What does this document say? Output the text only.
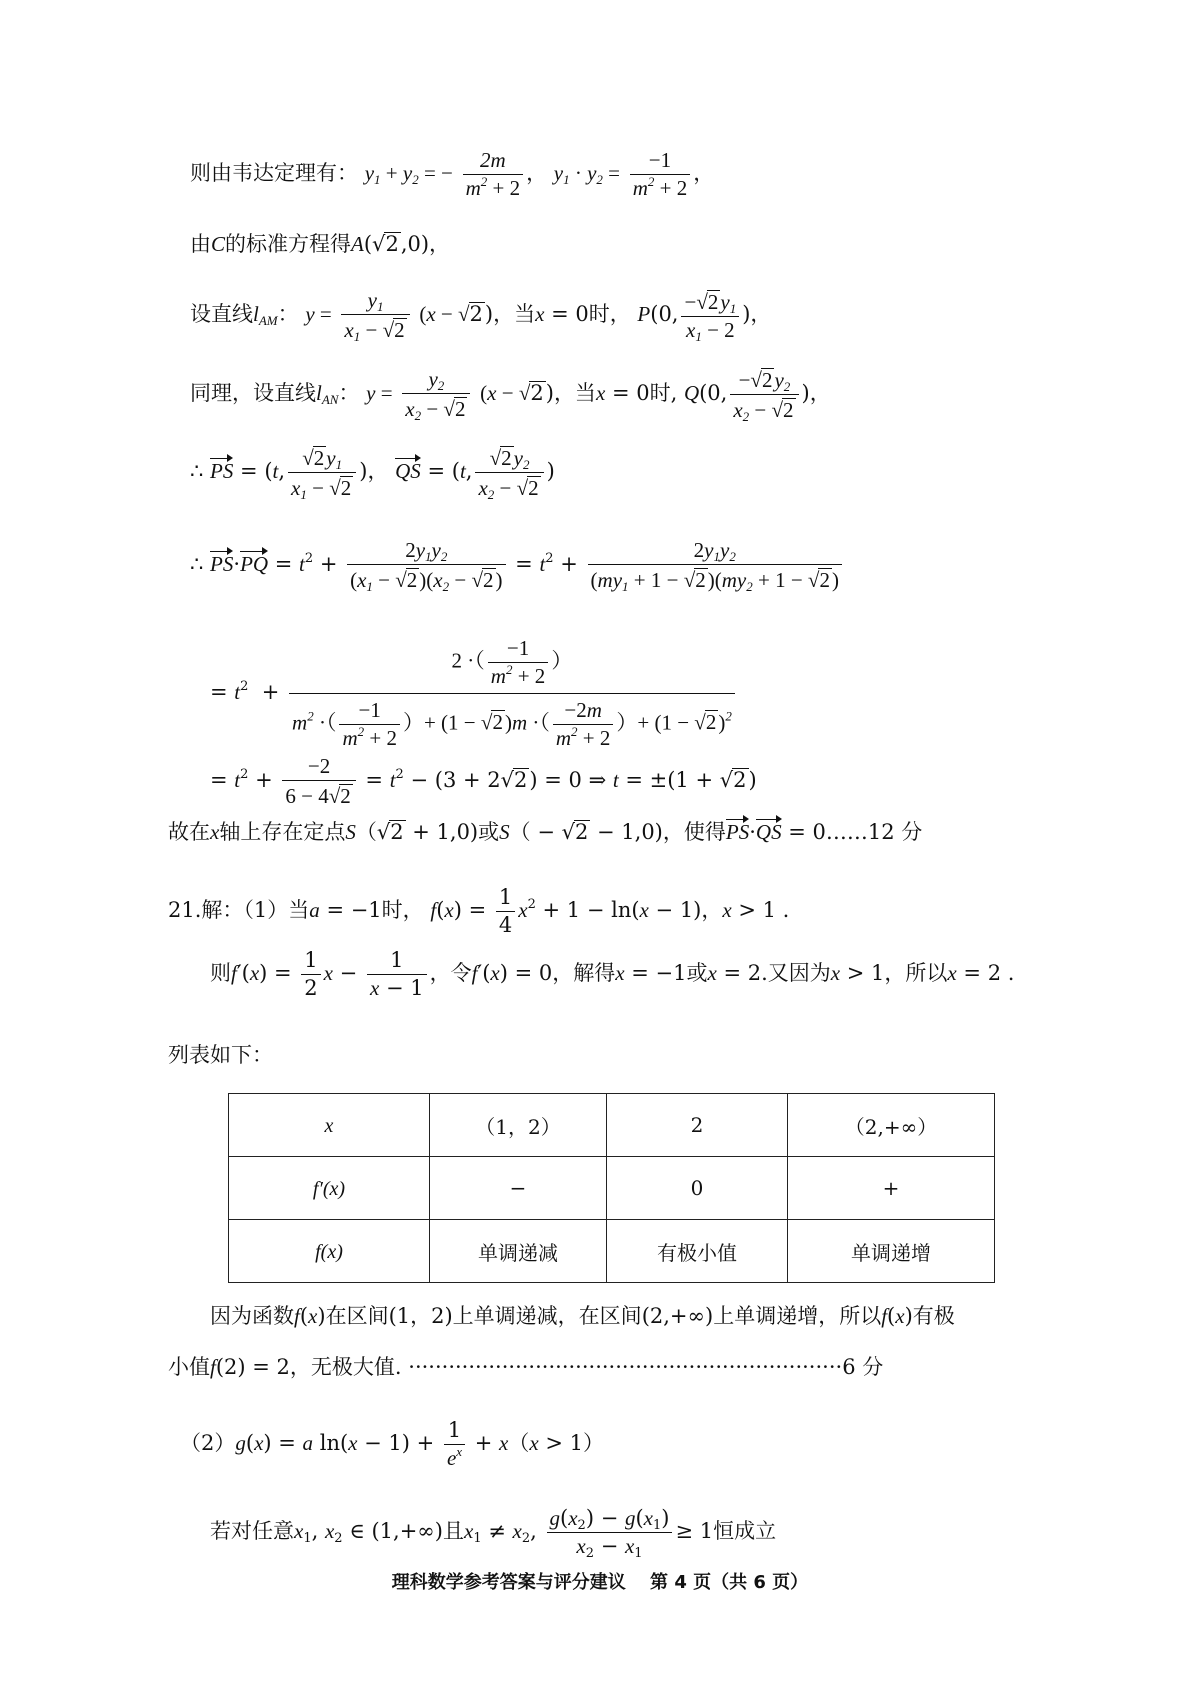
则由韦达定理有： $y_1 + y_2$ = − $\frac{2m}{m^2 + 2}$ ， $y_1 \cdot y_2 = \frac{-1}{m^2 + 2}$ ，
由C的标准方程得A(√2,0)，
设直线$l_{AM}$： $y = \frac{y_1}{x_1 - √2} (x - √2)$，当x = 0时， P(0, $\frac{-√2y_1}{x_1 - 2}$ )，
同理，设直线$l_{AN}$： $y = \frac{y_2}{x_2 - √2} (x - √2)$，当x = 0时, Q(0, $\frac{-√2y_2}{x_2 - √2}$ )，
∴ PS = (t, $\frac{√2y_1}{x_1 - √2}$ )， QS = (t, $\frac{√2y_2}{x_2 - √2}$ )
∴ $PS\cdot PQ = t^2 + \frac{2y_1y_2}{(x_1 - √2)(x_2 - √2)} = t^2 + \frac{2y_1y_2}{(my_1 + 1 - √2)(my_2 + 1 - √2)}$
= $t^2 + \frac{2 \cdot( \frac{-1}{m^2 + 2} )}{m^2 \cdot( \frac{-1}{m^2 + 2} )+ (1 - √2)m \cdot( \frac{-2m}{m^2 + 2} )+ (1 - √2)^2}$
= $t^2 + \frac{-2}{6 - 4√2} = t^2 - (3 + 2√2) = 0$ ⇒ t = ±(1 + √2)
故在x轴上存在定点S（√2 + 1,0)或S（ − √2 − 1,0)，使得PS·QS = 0……12 分
21.解：（1）当a = −1时， $f(x) = \frac{1}{4} x^2 + 1 - \ln(x - 1)$，x > 1 .
则$f'(x) = \frac{1}{2}$ $x - \frac{1}{x - 1}$ ，令f′(x) = 0，解得x = −1或x = 2.又因为x > 1，所以x = 2 .
列表如下：
x	（1，2）	2	（2,+∞）
f′(x)	−	0	+
f(x)	单调递减	有极小值	单调递增
因为函数f(x)在区间(1，2)上单调递减，在区间(2,+∞)上单调递增，所以f(x)有极
小值f(2) = 2，无极大值. ·································································6 分
（2）g(x) = a $\ln(x - 1) + \frac{1}{e^x} + x(x > 1)$
若对任意$x_1$, $x_2$ ∈ (1,+∞)且$x_1 \ne x_2$, $\frac{g(x_2) - g(x_1)}{x_2 - x_1} \ge 1$恒成立
理科数学参考答案与评分建议　 第 4 页（共 6 页）
